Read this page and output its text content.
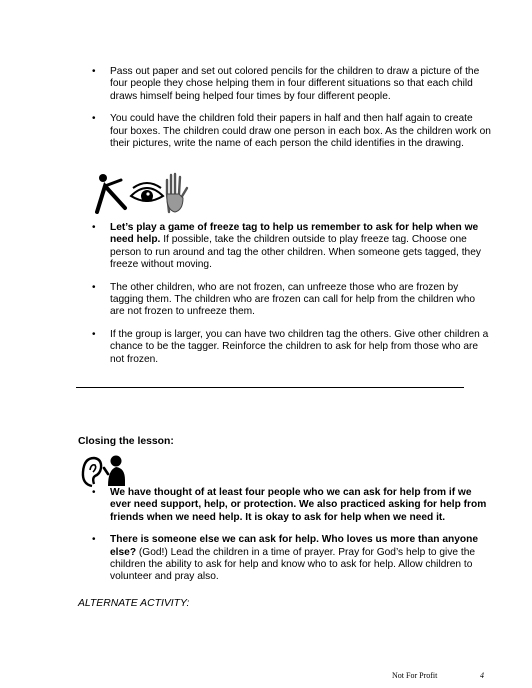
• Pass out paper and set out colored pencils for the children to draw a picture of the four people they chose helping them in four different situations so that each child draws himself being helped four times by four different people.
• You could have the children fold their papers in half and then half again to create four boxes. The children could draw one person in each box. As the children work on their pictures, write the name of each person the child identifies in the drawing.
• Let’s play a game of freeze tag to help us remember to ask for help when we need help. If possible, take the children outside to play freeze tag. Choose one person to run around and tag the other children. When someone gets tagged, they freeze without moving.
• The other children, who are not frozen, can unfreeze those who are frozen by tagging them. The children who are frozen can call for help from the children who are not frozen to unfreeze them.
• If the group is larger, you can have two children tag the others. Give other children a chance to be the tagger. Reinforce the children to ask for help from those who are not frozen.
Closing the lesson:
• We have thought of at least four people who we can ask for help from if we ever need support, help, or protection. We also practiced asking for help from friends when we need help. It is okay to ask for help when we need it.
• There is someone else we can ask for help. Who loves us more than anyone else? (God!) Lead the children in a time of prayer. Pray for God’s help to give the children the ability to ask for help and know who to ask for help. Allow children to volunteer and pray also.
ALTERNATE ACTIVITY:
Not For Profit	4
